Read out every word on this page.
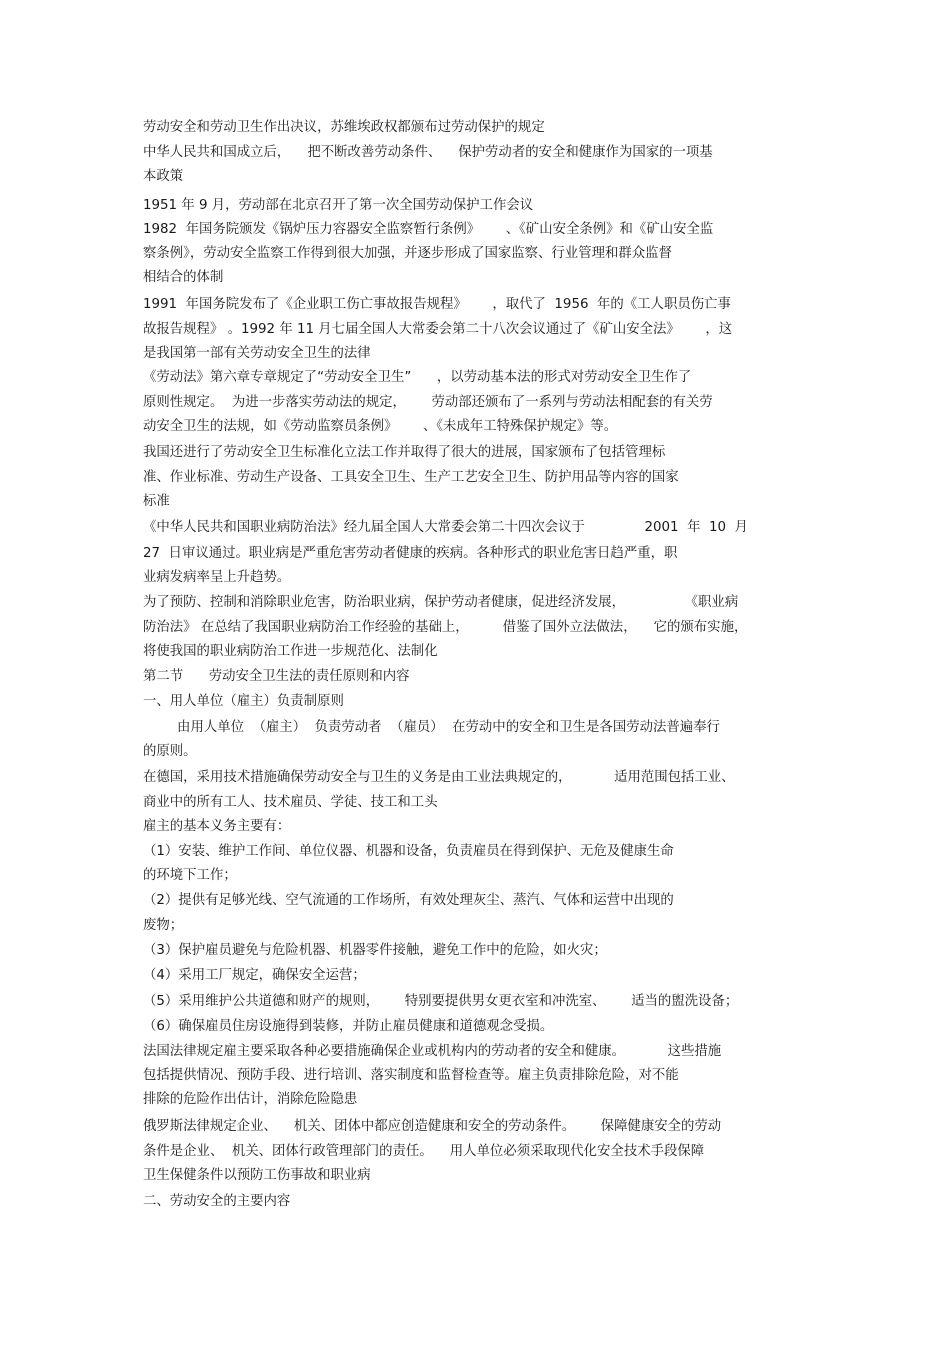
劳动安全和劳动卫生作出决议，苏维埃政权都颁布过劳动保护的规定

中华人民共和国成立后，    把不断改善劳动条件、    保护劳动者的安全和健康作为国家的一项基

本政策

1951 年 9 月，劳动部在北京召开了第一次全国劳动保护工作会议

1982  年国务院颁发《锅炉压力容器安全监察暂行条例》      、《矿山安全条例》和《矿山安全监

察条例》，劳动安全监察工作得到很大加强，并逐步形成了国家监察、行业管理和群众监督

相结合的体制

1991  年国务院发布了《企业职工伤亡事故报告规程》      ，取代了  1956  年的《工人职员伤亡事

故报告规程》 。1992 年 11 月七届全国人大常委会第二十八次会议通过了《矿山安全法》      ，这

是我国第一部有关劳动安全卫生的法律

《劳动法》第六章专章规定了“劳动安全卫生”      ，以劳动基本法的形式对劳动安全卫生作了

原则性规定。  为进一步落实劳动法的规定，      劳动部还颁布了一系列与劳动法相配套的有关劳

动安全卫生的法规，如《劳动监察员条例》      、《未成年工特殊保护规定》等。

我国还进行了劳动安全卫生标准化立法工作并取得了很大的进展，国家颁布了包括管理标

准、作业标准、劳动生产设备、工具安全卫生、生产工艺安全卫生、防护用品等内容的国家

标准

《中华人民共和国职业病防治法》经九届全国人大常委会第二十四次会议于              2001  年  10  月

27  日审议通过。职业病是严重危害劳动者健康的疾病。各种形式的职业危害日趋严重，职

业病发病率呈上升趋势。

为了预防、控制和消除职业危害，防治职业病，保护劳动者健康，促进经济发展，              《职业病

防治法》 在总结了我国职业病防治工作经验的基础上，        借鉴了国外立法做法，    它的颁布实施，

将使我国的职业病防治工作进一步规范化、法制化

第二节      劳动安全卫生法的责任原则和内容

一、用人单位（雇主）负责制原则

由用人单位  （雇主）  负责劳动者  （雇员）  在劳动中的安全和卫生是各国劳动法普遍奉行

的原则。

在德国，采用技术措施确保劳动安全与卫生的义务是由工业法典规定的，          适用范围包括工业、

商业中的所有工人、技术雇员、学徒、技工和工头

雇主的基本义务主要有：

（1）安装、维护工作间、单位仪器、机器和设备，负责雇员在得到保护、无危及健康生命

的环境下工作；

（2）提供有足够光线、空气流通的工作场所，有效处理灰尘、蒸汽、气体和运营中出现的

废物；

（3）保护雇员避免与危险机器、机器零件接触，避免工作中的危险，如火灾；

（4）采用工厂规定，确保安全运营；

（5）采用维护公共道德和财产的规则，      特别要提供男女更衣室和冲洗室、      适当的盥洗设备；

（6）确保雇员住房设施得到装修，并防止雇员健康和道德观念受损。

法国法律规定雇主要采取各种必要措施确保企业或机构内的劳动者的安全和健康。          这些措施

包括提供情况、预防手段、进行培训、落实制度和监督检查等。雇主负责排除危险，对不能

排除的危险作出估计，消除危险隐患

俄罗斯法律规定企业、    机关、团体中都应创造健康和安全的劳动条件。      保障健康安全的劳动

条件是企业、  机关、团体行政管理部门的责任。    用人单位必须采取现代化安全技术手段保障

卫生保健条件以预防工伤事故和职业病

二、劳动安全的主要内容
